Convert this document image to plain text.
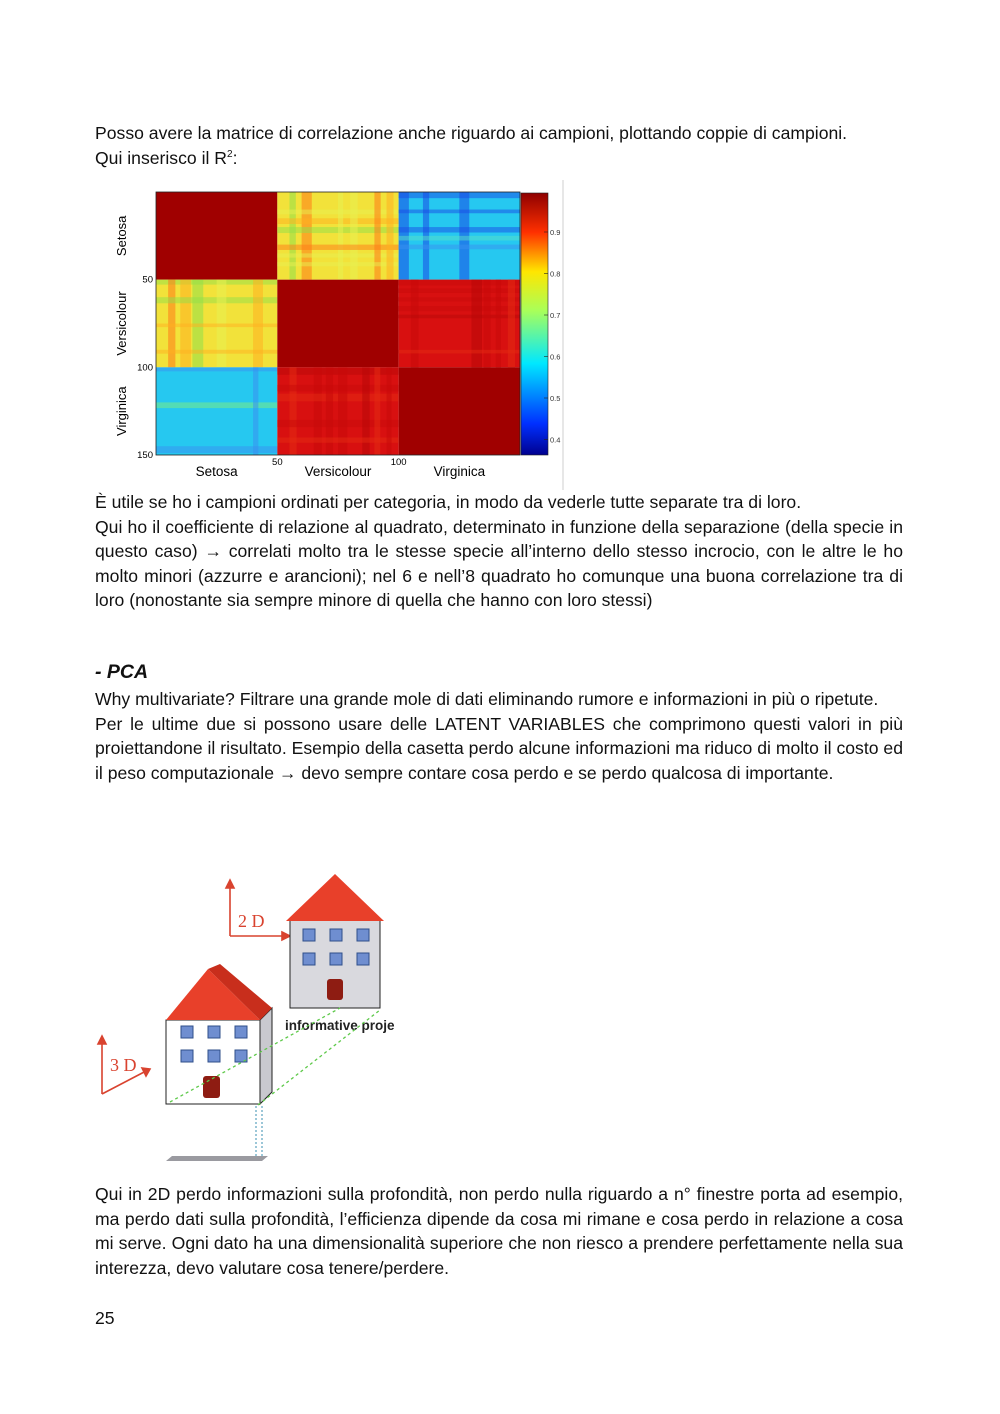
Posso avere la matrice di correlazione anche riguardo ai campioni, plottando coppie di campioni.
Qui inserisco il $R^2$:

0.9
0.8
0.7
0.6
0.5
0.4
Setosa
Versicolour
Virginica
50
100
150
Setosa	Versicolour	Virginica
50	100

È utile se ho i campioni ordinati per categoria, in modo da vederle tutte separate tra di loro.
Qui ho il coefficiente di relazione al quadrato, determinato in funzione della separazione (della specie in questo caso) → correlati molto tra le stesse specie all’interno dello stesso incrocio, con le altre le ho molto minori (azzurre e arancioni); nel 6 e nell’8 quadrato ho comunque una buona correlazione tra di loro (nonostante sia sempre minore di quella che hanno con loro stessi)

- PCA

Why multivariate? Filtrare una grande mole di dati eliminando rumore e informazioni in più o ripetute.
Per le ultime due si possono usare delle LATENT VARIABLES che comprimono questi valori in più proiettandone il risultato. Esempio della casetta perdo alcune informazioni ma riduco di molto il costo ed il peso computazionale → devo sempre contare cosa perdo e se perdo qualcosa di importante.

2 D
informative proje
3 D

Qui in 2D perdo informazioni sulla profondità, non perdo nulla riguardo a n° finestre porta ad esempio, ma perdo dati sulla profondità, l’efficienza dipende da cosa mi rimane e cosa perdo in relazione a cosa mi serve. Ogni dato ha una dimensionalità superiore che non riesco a prendere perfettamente nella sua interezza, devo valutare cosa tenere/perdere.

25
